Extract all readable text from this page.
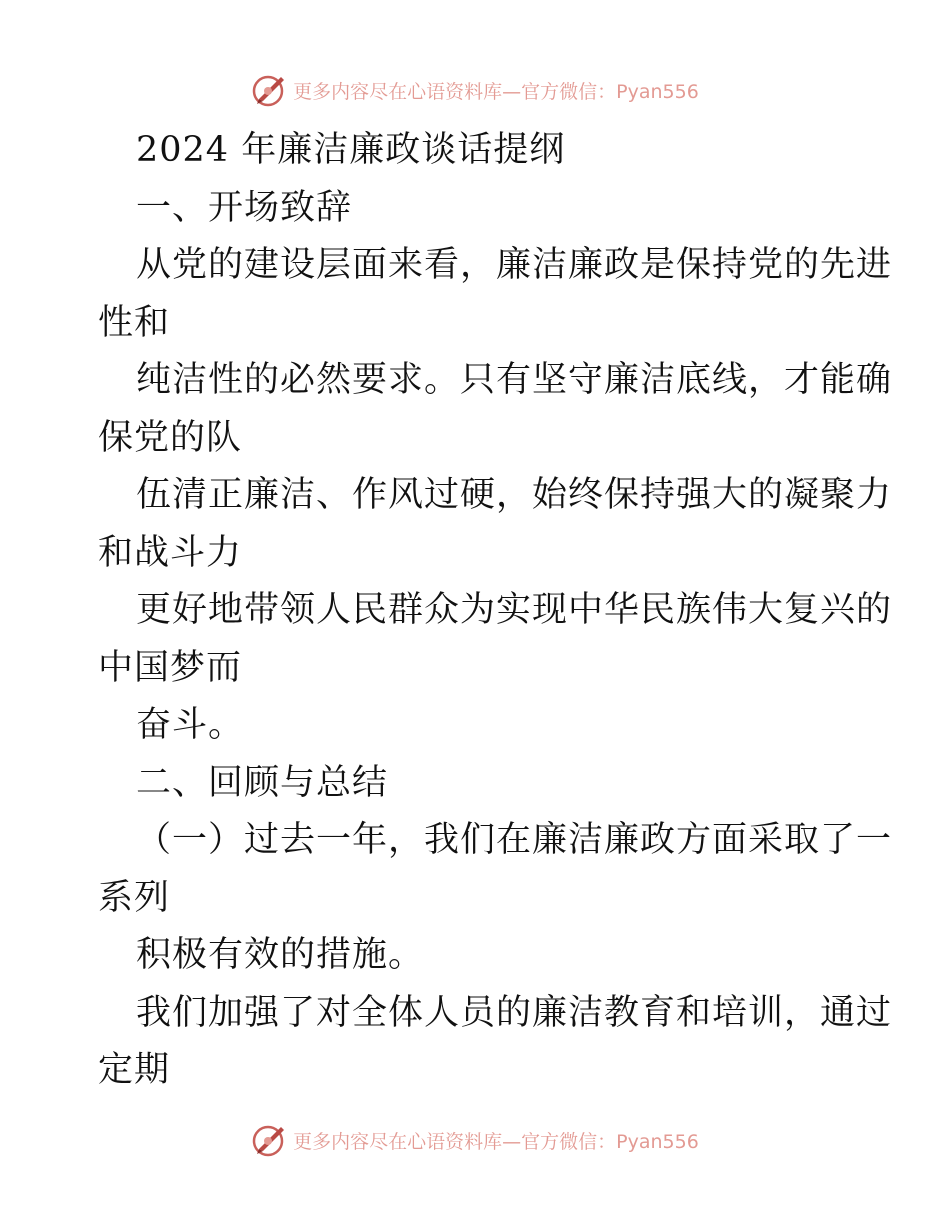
更多内容尽在心语资料库—官方微信：Pyan556
2024 年廉洁廉政谈话提纲
一、开场致辞
从党的建设层面来看，廉洁廉政是保持党的先进
性和
纯洁性的必然要求。只有坚守廉洁底线，才能确
保党的队
伍清正廉洁、作风过硬，始终保持强大的凝聚力
和战斗力
更好地带领人民群众为实现中华民族伟大复兴的
中国梦而
奋斗。
二、回顾与总结
（一）过去一年，我们在廉洁廉政方面采取了一
系列
积极有效的措施。
我们加强了对全体人员的廉洁教育和培训，通过
定期
更多内容尽在心语资料库—官方微信：Pyan556
